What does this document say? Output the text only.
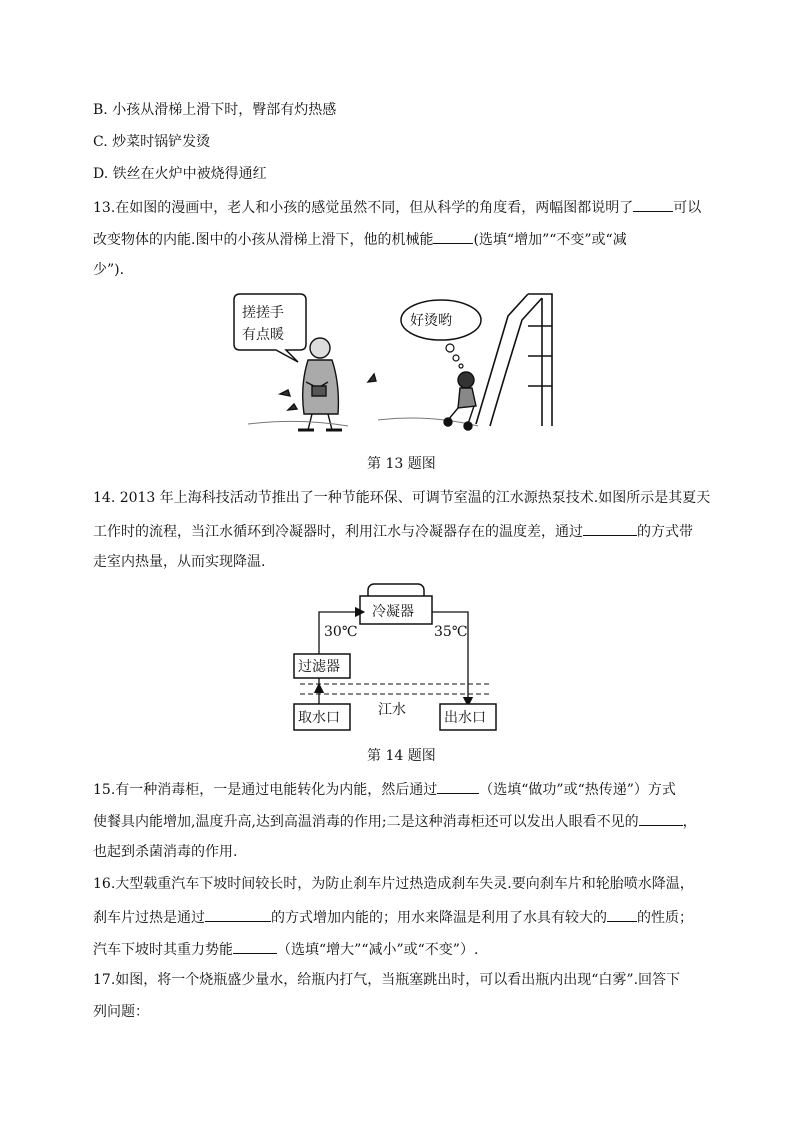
B. 小孩从滑梯上滑下时，臀部有灼热感
C. 炒菜时锅铲发烫
D. 铁丝在火炉中被烧得通红
13.在如图的漫画中，老人和小孩的感觉虽然不同，但从科学的角度看，两幅图都说明了	可以
改变物体的内能.图中的小孩从滑梯上滑下，他的机械能	(选填“增加”“不变”或“减
少”).
搓搓手
有点暖
好烫哟
第 13 题图
14. 2013 年上海科技活动节推出了一种节能环保、可调节室温的江水源热泵技术.如图所示是其夏天
工作时的流程，当江水循环到冷凝器时，利用江水与冷凝器存在的温度差，通过	的方式带
走室内热量，从而实现降温.
冷凝器
30℃	35℃
过滤器
江水
取水口	出水口
第 14 题图
15.有一种消毒柜，一是通过电能转化为内能，然后通过	（选填“做功”或“热传递”）方式
使餐具内能增加,温度升高,达到高温消毒的作用;二是这种消毒柜还可以发出人眼看不见的	，
也起到杀菌消毒的作用.
16.大型载重汽车下坡时间较长时，为防止刹车片过热造成刹车失灵.要向刹车片和轮胎喷水降温，
刹车片过热是通过	的方式增加内能的；用水来降温是利用了水具有较大的 的性质；
汽车下坡时其重力势能	（选填“增大”“减小”或“不变”）.
17.如图，将一个烧瓶盛少量水，给瓶内打气，当瓶塞跳出时，可以看出瓶内出现“白雾”.回答下
列问题：
